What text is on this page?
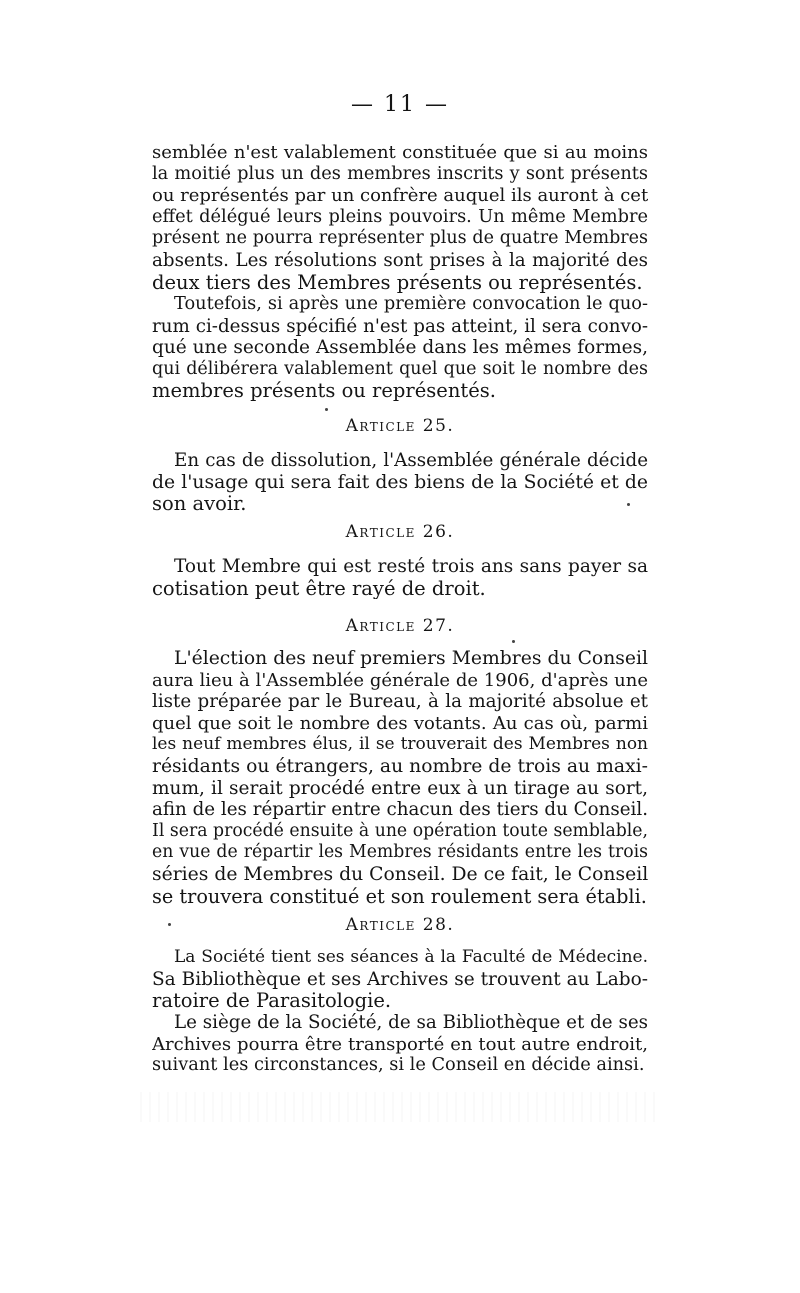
— 11 —
semblée n'est valablement constituée que si au moins
la moitié plus un des membres inscrits y sont présents
ou représentés par un confrère auquel ils auront à cet
effet délégué leurs pleins pouvoirs. Un même Membre
présent ne pourra représenter plus de quatre Membres
absents. Les résolutions sont prises à la majorité des
deux tiers des Membres présents ou représentés.
Toutefois, si après une première convocation le quo-
rum ci-dessus spécifié n'est pas atteint, il sera convo-
qué une seconde Assemblée dans les mêmes formes,
qui délibérera valablement quel que soit le nombre des
membres présents ou représentés.
Article 25.
En cas de dissolution, l'Assemblée générale décide
de l'usage qui sera fait des biens de la Société et de
son avoir.
Article 26.
Tout Membre qui est resté trois ans sans payer sa
cotisation peut être rayé de droit.
Article 27.
L'élection des neuf premiers Membres du Conseil
aura lieu à l'Assemblée générale de 1906, d'après une
liste préparée par le Bureau, à la majorité absolue et
quel que soit le nombre des votants. Au cas où, parmi
les neuf membres élus, il se trouverait des Membres non
résidants ou étrangers, au nombre de trois au maxi-
mum, il serait procédé entre eux à un tirage au sort,
afin de les répartir entre chacun des tiers du Conseil.
Il sera procédé ensuite à une opération toute semblable,
en vue de répartir les Membres résidants entre les trois
séries de Membres du Conseil. De ce fait, le Conseil
se trouvera constitué et son roulement sera établi.
Article 28.
La Société tient ses séances à la Faculté de Médecine.
Sa Bibliothèque et ses Archives se trouvent au Labo-
ratoire de Parasitologie.
Le siège de la Société, de sa Bibliothèque et de ses
Archives pourra être transporté en tout autre endroit,
suivant les circonstances, si le Conseil en décide ainsi.
